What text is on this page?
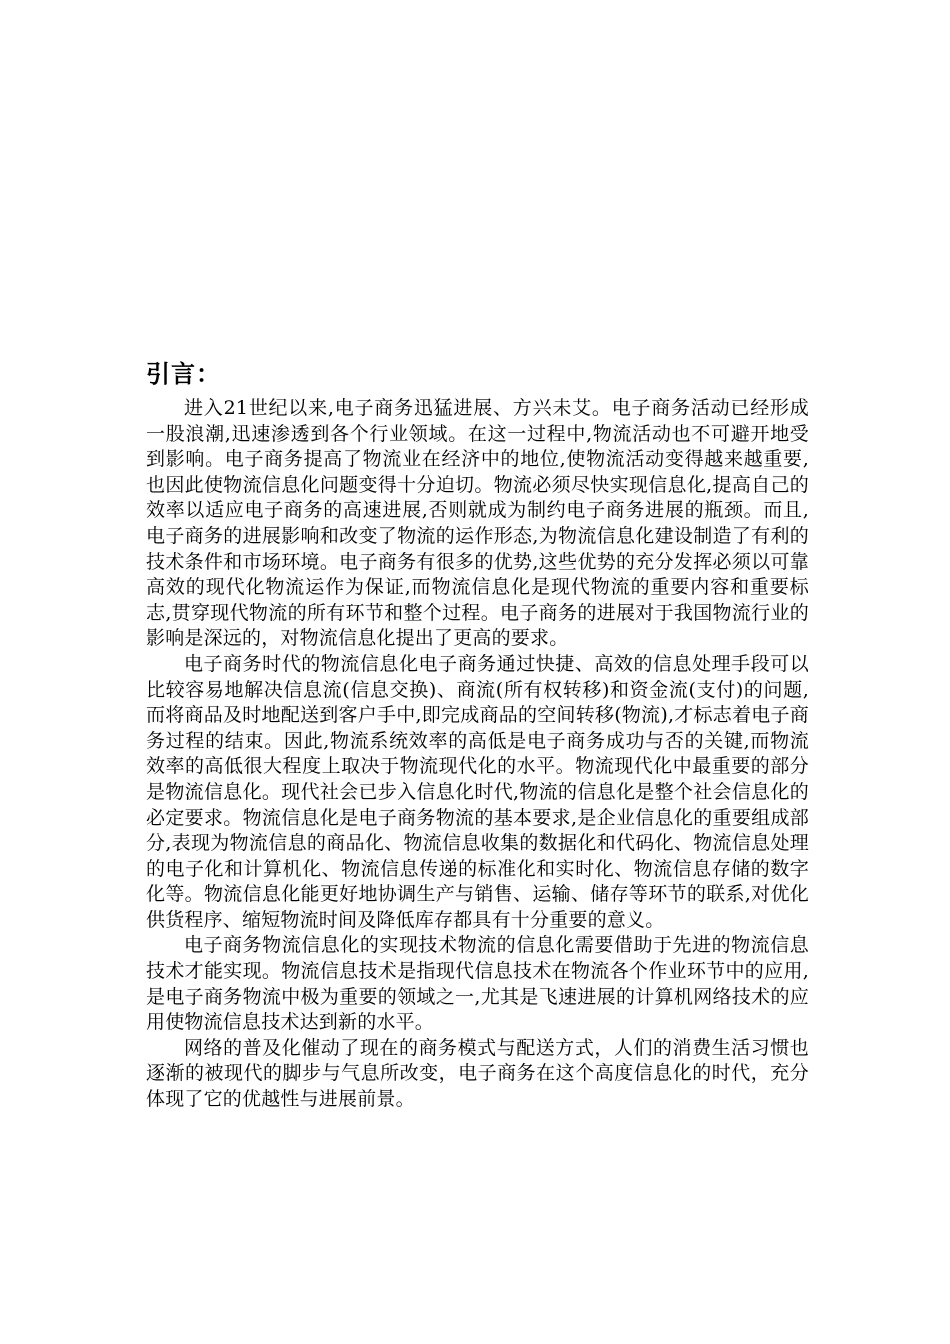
引言：

进入21世纪以来,电子商务迅猛进展、方兴未艾。电子商务活动已经形成一股浪潮,迅速渗透到各个行业领域。在这一过程中,物流活动也不可避开地受到影响。电子商务提高了物流业在经济中的地位,使物流活动变得越来越重要,也因此使物流信息化问题变得十分迫切。物流必须尽快实现信息化,提高自己的效率以适应电子商务的高速进展,否则就成为制约电子商务进展的瓶颈。而且,电子商务的进展影响和改变了物流的运作形态,为物流信息化建设制造了有利的技术条件和市场环境。电子商务有很多的优势,这些优势的充分发挥必须以可靠高效的现代化物流运作为保证,而物流信息化是现代物流的重要内容和重要标志,贯穿现代物流的所有环节和整个过程。电子商务的进展对于我国物流行业的影响是深远的，对物流信息化提出了更高的要求。

电子商务时代的物流信息化电子商务通过快捷、高效的信息处理手段可以比较容易地解决信息流(信息交换)、商流(所有权转移)和资金流(支付)的问题,而将商品及时地配送到客户手中,即完成商品的空间转移(物流),才标志着电子商务过程的结束。因此,物流系统效率的高低是电子商务成功与否的关键,而物流效率的高低很大程度上取决于物流现代化的水平。物流现代化中最重要的部分是物流信息化。现代社会已步入信息化时代,物流的信息化是整个社会信息化的必定要求。物流信息化是电子商务物流的基本要求,是企业信息化的重要组成部分,表现为物流信息的商品化、物流信息收集的数据化和代码化、物流信息处理的电子化和计算机化、物流信息传递的标准化和实时化、物流信息存储的数字化等。物流信息化能更好地协调生产与销售、运输、储存等环节的联系,对优化供货程序、缩短物流时间及降低库存都具有十分重要的意义。

电子商务物流信息化的实现技术物流的信息化需要借助于先进的物流信息技术才能实现。物流信息技术是指现代信息技术在物流各个作业环节中的应用,是电子商务物流中极为重要的领域之一,尤其是飞速进展的计算机网络技术的应用使物流信息技术达到新的水平。

网络的普及化催动了现在的商务模式与配送方式，人们的消费生活习惯也逐渐的被现代的脚步与气息所改变，电子商务在这个高度信息化的时代，充分体现了它的优越性与进展前景。
